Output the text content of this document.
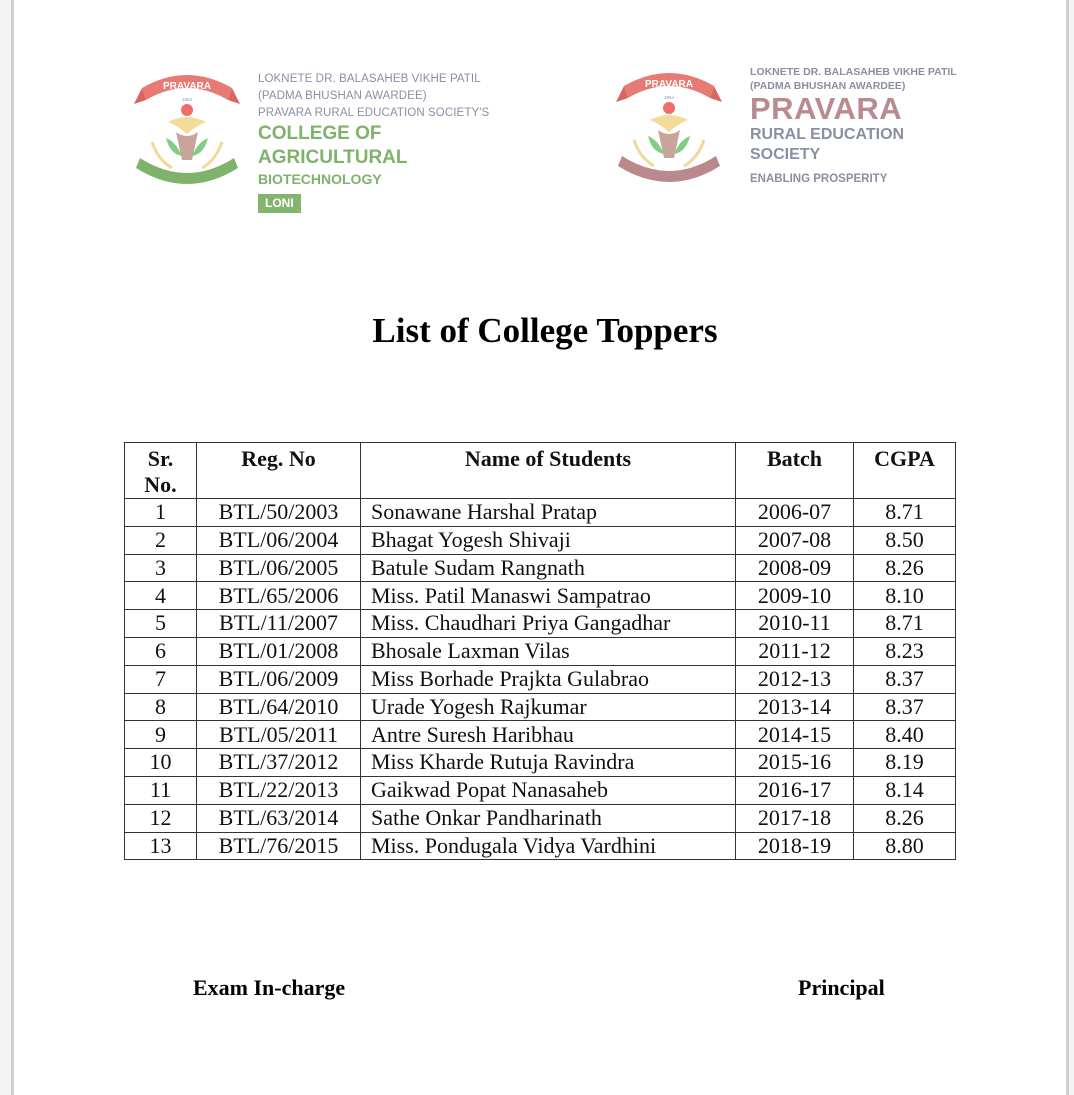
PRAVARA
1964
LOKNETE DR. BALASAHEB VIKHE PATIL
(PADMA BHUSHAN AWARDEE)
PRAVARA RURAL EDUCATION SOCIETY'S
COLLEGE OF AGRICULTURAL
BIOTECHNOLOGY
LONI
PRAVARA
1964
LOKNETE DR. BALASAHEB VIKHE PATIL
(PADMA BHUSHAN AWARDEE)
PRAVARA
RURAL EDUCATION
SOCIETY
ENABLING PROSPERITY
List of College Toppers
Sr.
No.	Reg. No	Name of Students	Batch	CGPA
1	BTL/50/2003	Sonawane Harshal Pratap	2006-07	8.71
2	BTL/06/2004	Bhagat Yogesh Shivaji	2007-08	8.50
3	BTL/06/2005	Batule Sudam Rangnath	2008-09	8.26
4	BTL/65/2006	Miss. Patil Manaswi Sampatrao	2009-10	8.10
5	BTL/11/2007	Miss. Chaudhari Priya Gangadhar	2010-11	8.71
6	BTL/01/2008	Bhosale Laxman Vilas	2011-12	8.23
7	BTL/06/2009	Miss Borhade Prajkta Gulabrao	2012-13	8.37
8	BTL/64/2010	Urade Yogesh Rajkumar	2013-14	8.37
9	BTL/05/2011	Antre Suresh Haribhau	2014-15	8.40
10	BTL/37/2012	Miss Kharde Rutuja Ravindra	2015-16	8.19
11	BTL/22/2013	Gaikwad Popat Nanasaheb	2016-17	8.14
12	BTL/63/2014	Sathe Onkar Pandharinath	2017-18	8.26
13	BTL/76/2015	Miss. Pondugala Vidya Vardhini	2018-19	8.80
Exam In-charge	Principal
